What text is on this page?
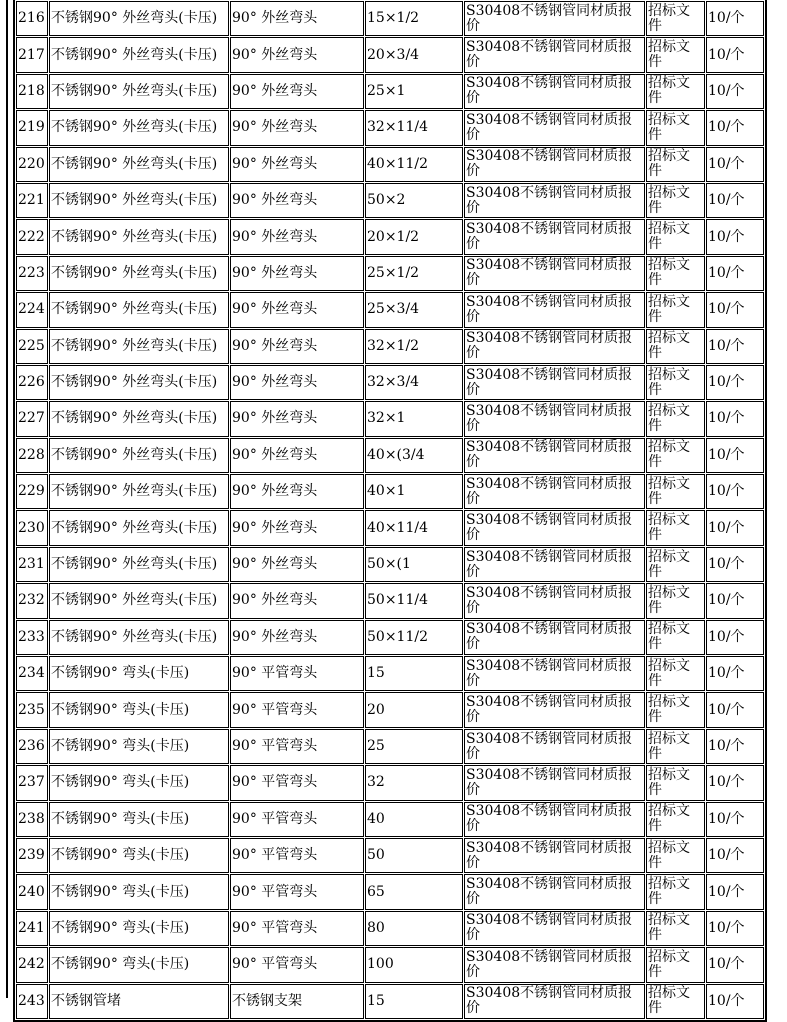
216	不锈钢90° 外丝弯头(卡压)	90° 外丝弯头	15×1/2	S30408不锈钢管同材质报价	招标文件	10/个
217	不锈钢90° 外丝弯头(卡压)	90° 外丝弯头	20×3/4	S30408不锈钢管同材质报价	招标文件	10/个
218	不锈钢90° 外丝弯头(卡压)	90° 外丝弯头	25×1	S30408不锈钢管同材质报价	招标文件	10/个
219	不锈钢90° 外丝弯头(卡压)	90° 外丝弯头	32×11/4	S30408不锈钢管同材质报价	招标文件	10/个
220	不锈钢90° 外丝弯头(卡压)	90° 外丝弯头	40×11/2	S30408不锈钢管同材质报价	招标文件	10/个
221	不锈钢90° 外丝弯头(卡压)	90° 外丝弯头	50×2	S30408不锈钢管同材质报价	招标文件	10/个
222	不锈钢90° 外丝弯头(卡压)	90° 外丝弯头	20×1/2	S30408不锈钢管同材质报价	招标文件	10/个
223	不锈钢90° 外丝弯头(卡压)	90° 外丝弯头	25×1/2	S30408不锈钢管同材质报价	招标文件	10/个
224	不锈钢90° 外丝弯头(卡压)	90° 外丝弯头	25×3/4	S30408不锈钢管同材质报价	招标文件	10/个
225	不锈钢90° 外丝弯头(卡压)	90° 外丝弯头	32×1/2	S30408不锈钢管同材质报价	招标文件	10/个
226	不锈钢90° 外丝弯头(卡压)	90° 外丝弯头	32×3/4	S30408不锈钢管同材质报价	招标文件	10/个
227	不锈钢90° 外丝弯头(卡压)	90° 外丝弯头	32×1	S30408不锈钢管同材质报价	招标文件	10/个
228	不锈钢90° 外丝弯头(卡压)	90° 外丝弯头	40×(3/4	S30408不锈钢管同材质报价	招标文件	10/个
229	不锈钢90° 外丝弯头(卡压)	90° 外丝弯头	40×1	S30408不锈钢管同材质报价	招标文件	10/个
230	不锈钢90° 外丝弯头(卡压)	90° 外丝弯头	40×11/4	S30408不锈钢管同材质报价	招标文件	10/个
231	不锈钢90° 外丝弯头(卡压)	90° 外丝弯头	50×(1	S30408不锈钢管同材质报价	招标文件	10/个
232	不锈钢90° 外丝弯头(卡压)	90° 外丝弯头	50×11/4	S30408不锈钢管同材质报价	招标文件	10/个
233	不锈钢90° 外丝弯头(卡压)	90° 外丝弯头	50×11/2	S30408不锈钢管同材质报价	招标文件	10/个
234	不锈钢90° 弯头(卡压)	90° 平管弯头	15	S30408不锈钢管同材质报价	招标文件	10/个
235	不锈钢90° 弯头(卡压)	90° 平管弯头	20	S30408不锈钢管同材质报价	招标文件	10/个
236	不锈钢90° 弯头(卡压)	90° 平管弯头	25	S30408不锈钢管同材质报价	招标文件	10/个
237	不锈钢90° 弯头(卡压)	90° 平管弯头	32	S30408不锈钢管同材质报价	招标文件	10/个
238	不锈钢90° 弯头(卡压)	90° 平管弯头	40	S30408不锈钢管同材质报价	招标文件	10/个
239	不锈钢90° 弯头(卡压)	90° 平管弯头	50	S30408不锈钢管同材质报价	招标文件	10/个
240	不锈钢90° 弯头(卡压)	90° 平管弯头	65	S30408不锈钢管同材质报价	招标文件	10/个
241	不锈钢90° 弯头(卡压)	90° 平管弯头	80	S30408不锈钢管同材质报价	招标文件	10/个
242	不锈钢90° 弯头(卡压)	90° 平管弯头	100	S30408不锈钢管同材质报价	招标文件	10/个
243	不锈钢管堵	不锈钢支架	15	S30408不锈钢管同材质报价	招标文件	10/个
